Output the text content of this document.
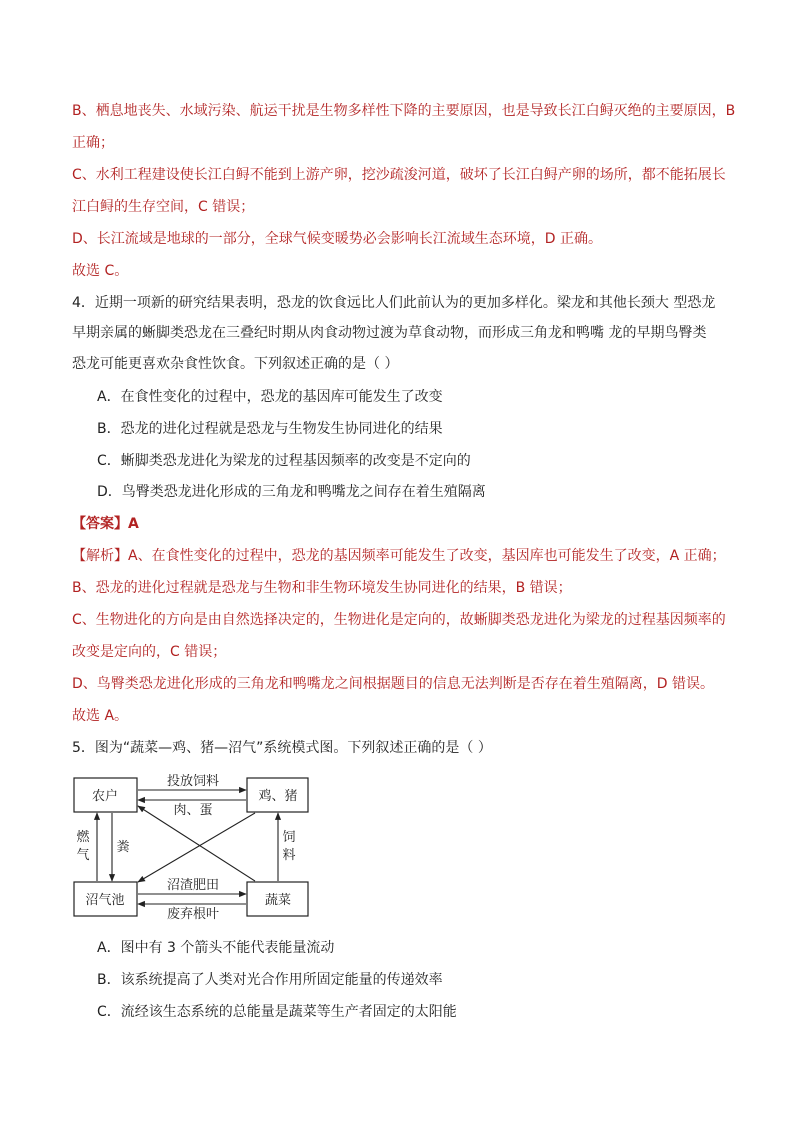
B、栖息地丧失、水域污染、航运干扰是生物多样性下降的主要原因，也是导致长江白鲟灭绝的主要原因，B
正确；
C、水利工程建设使长江白鲟不能到上游产卵，挖沙疏浚河道，破坏了长江白鲟产卵的场所，都不能拓展长
江白鲟的生存空间，C 错误；
D、长江流域是地球的一部分，全球气候变暖势必会影响长江流域生态环境，D 正确。
故选 C。
4．近期一项新的研究结果表明，恐龙的饮食远比人们此前认为的更加多样化。梁龙和其他长颈大 型恐龙
早期亲属的蜥脚类恐龙在三叠纪时期从肉食动物过渡为草食动物，而形成三角龙和鸭嘴 龙的早期鸟臀类
恐龙可能更喜欢杂食性饮食。下列叙述正确的是（ ）
A．在食性变化的过程中，恐龙的基因库可能发生了改变
B．恐龙的进化过程就是恐龙与生物发生协同进化的结果
C．蜥脚类恐龙进化为梁龙的过程基因频率的改变是不定向的
D．鸟臀类恐龙进化形成的三角龙和鸭嘴龙之间存在着生殖隔离
【答案】A
【解析】A、在食性变化的过程中，恐龙的基因频率可能发生了改变，基因库也可能发生了改变，A 正确；
B、恐龙的进化过程就是恐龙与生物和非生物环境发生协同进化的结果，B 错误；
C、生物进化的方向是由自然选择决定的，生物进化是定向的，故蜥脚类恐龙进化为梁龙的过程基因频率的
改变是定向的，C 错误；
D、鸟臀类恐龙进化形成的三角龙和鸭嘴龙之间根据题目的信息无法判断是否存在着生殖隔离，D 错误。
故选 A。
5．图为“蔬菜—鸡、猪—沼气”系统模式图。下列叙述正确的是（ ）
农户	鸡、猪
沼气池	蔬菜
投放饲料
肉、蛋
燃
气
粪
饲
料
沼渣肥田
废弃根叶
A．图中有 3 个箭头不能代表能量流动
B．该系统提高了人类对光合作用所固定能量的传递效率
C．流经该生态系统的总能量是蔬菜等生产者固定的太阳能
